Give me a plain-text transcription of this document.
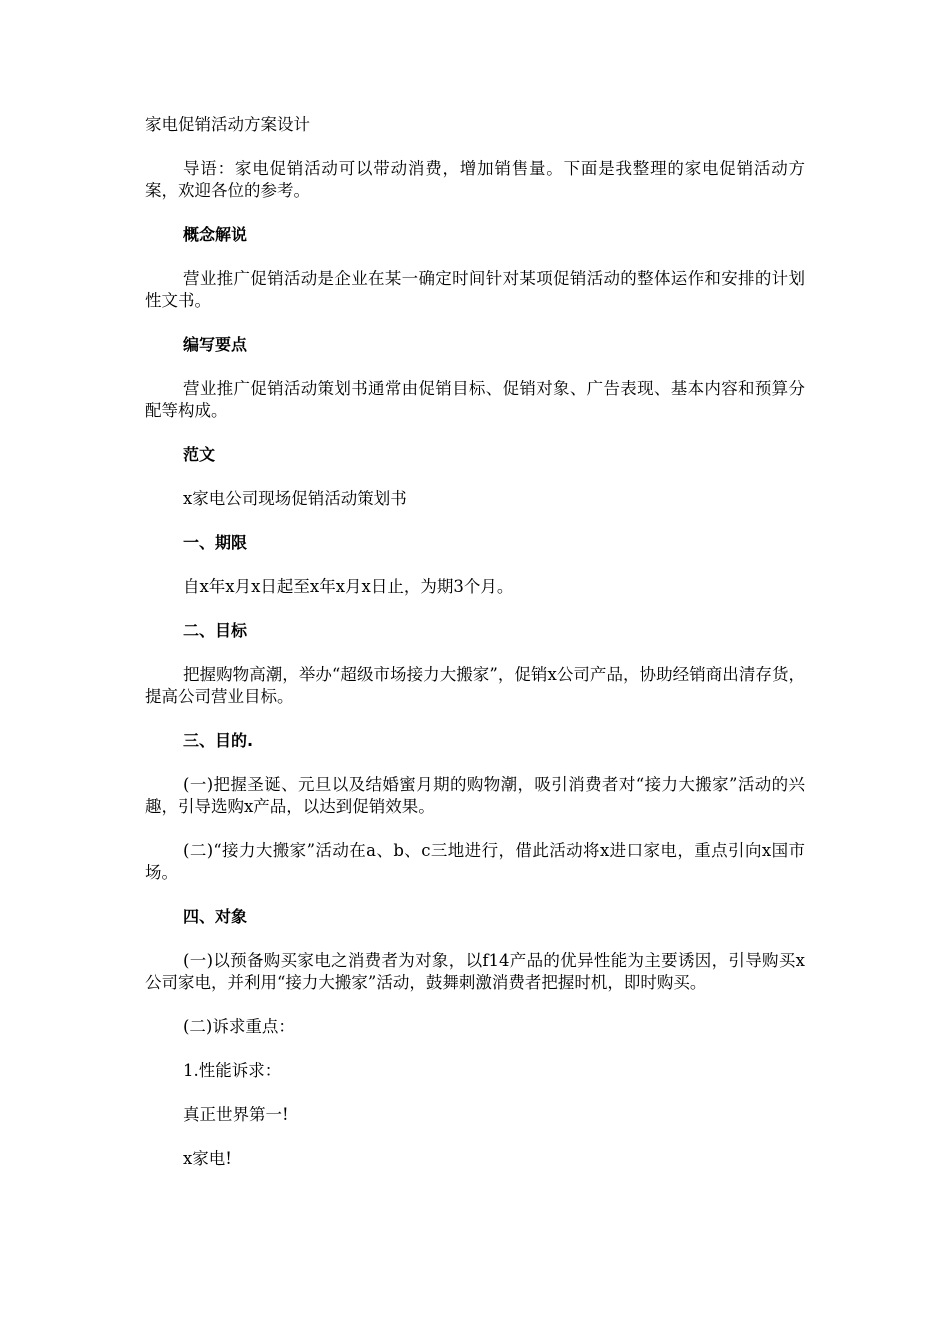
家电促销活动方案设计

导语：家电促销活动可以带动消费，增加销售量。下面是我整理的家电促销活动方案，欢迎各位的参考。

概念解说

营业推广促销活动是企业在某一确定时间针对某项促销活动的整体运作和安排的计划性文书。

编写要点

营业推广促销活动策划书通常由促销目标、促销对象、广告表现、基本内容和预算分配等构成。

范文

x家电公司现场促销活动策划书

一、期限

自x年x月x日起至x年x月x日止，为期3个月。

二、目标

把握购物高潮，举办“超级市场接力大搬家”，促销x公司产品，协助经销商出清存货，提高公司营业目标。

三、目的.

(一)把握圣诞、元旦以及结婚蜜月期的购物潮，吸引消费者对“接力大搬家”活动的兴趣，引导选购x产品，以达到促销效果。

(二)“接力大搬家”活动在a、b、c三地进行，借此活动将x进口家电，重点引向x国市场。

四、对象

(一)以预备购买家电之消费者为对象，以f14产品的优异性能为主要诱因，引导购买x公司家电，并利用“接力大搬家”活动，鼓舞刺激消费者把握时机，即时购买。

(二)诉求重点：

1.性能诉求：

真正世界第一!

x家电!
